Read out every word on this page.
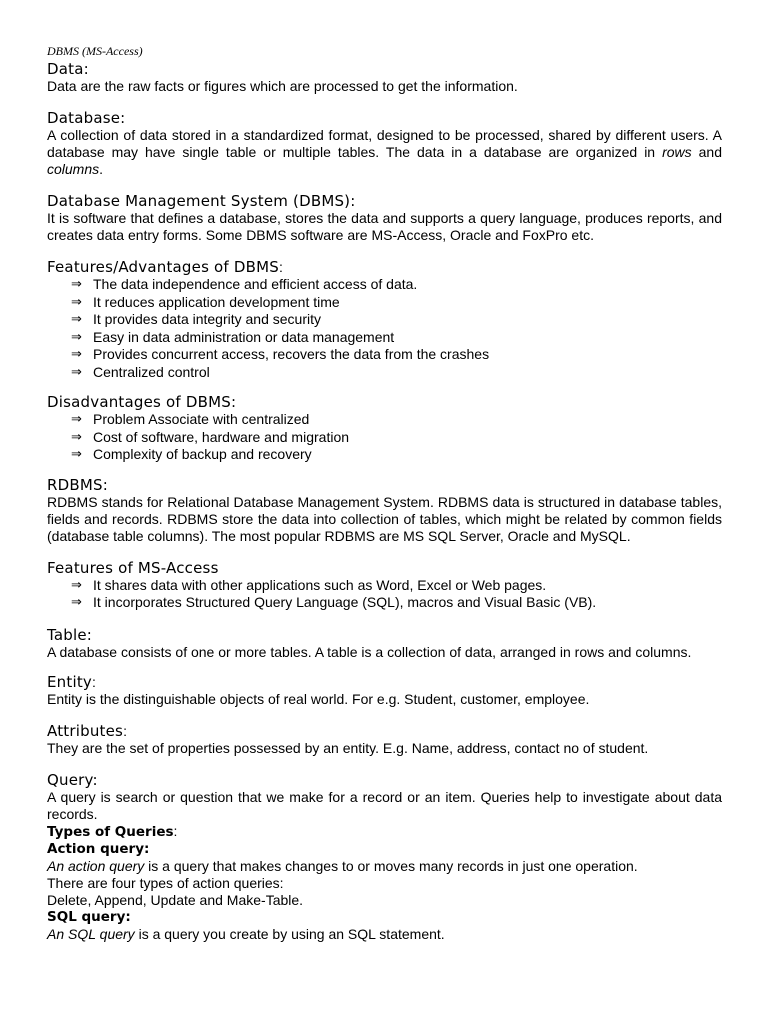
DBMS (MS-Access)
Data:

Data are the raw facts or figures which are processed to get the information.

Database:

A collection of data stored in a standardized format, designed to be processed, shared by different users. A database may have single table or multiple tables. The data in a database are organized in rows and columns.

Database Management System (DBMS):

It is software that defines a database, stores the data and supports a query language, produces reports, and creates data entry forms. Some DBMS software are MS-Access, Oracle and FoxPro etc.

Features/Advantages of DBMS:
⇒ The data independence and efficient access of data.
⇒ It reduces application development time
⇒ It provides data integrity and security
⇒ Easy in data administration or data management
⇒ Provides concurrent access, recovers the data from the crashes
⇒ Centralized control
Disadvantages of DBMS:
⇒ Problem Associate with centralized
⇒ Cost of software, hardware and migration
⇒ Complexity of backup and recovery
RDBMS:

RDBMS stands for Relational Database Management System. RDBMS data is structured in database tables, fields and records. RDBMS store the data into collection of tables, which might be related by common fields (database table columns). The most popular RDBMS are MS SQL Server, Oracle and MySQL.

Features of MS-Access
⇒ It shares data with other applications such as Word, Excel or Web pages.
⇒ It incorporates Structured Query Language (SQL), macros and Visual Basic (VB).
Table:

A database consists of one or more tables. A table is a collection of data, arranged in rows and columns.

Entity:

Entity is the distinguishable objects of real world. For e.g. Student, customer, employee.

Attributes:

They are the set of properties possessed by an entity. E.g. Name, address, contact no of student.

Query:

A query is search or question that we make for a record or an item. Queries help to investigate about data records.

Types of Queries:
Action query:

An action query is a query that makes changes to or moves many records in just one operation.

There are four types of action queries:

Delete, Append, Update and Make-Table.

SQL query:

An SQL query is a query you create by using an SQL statement.
